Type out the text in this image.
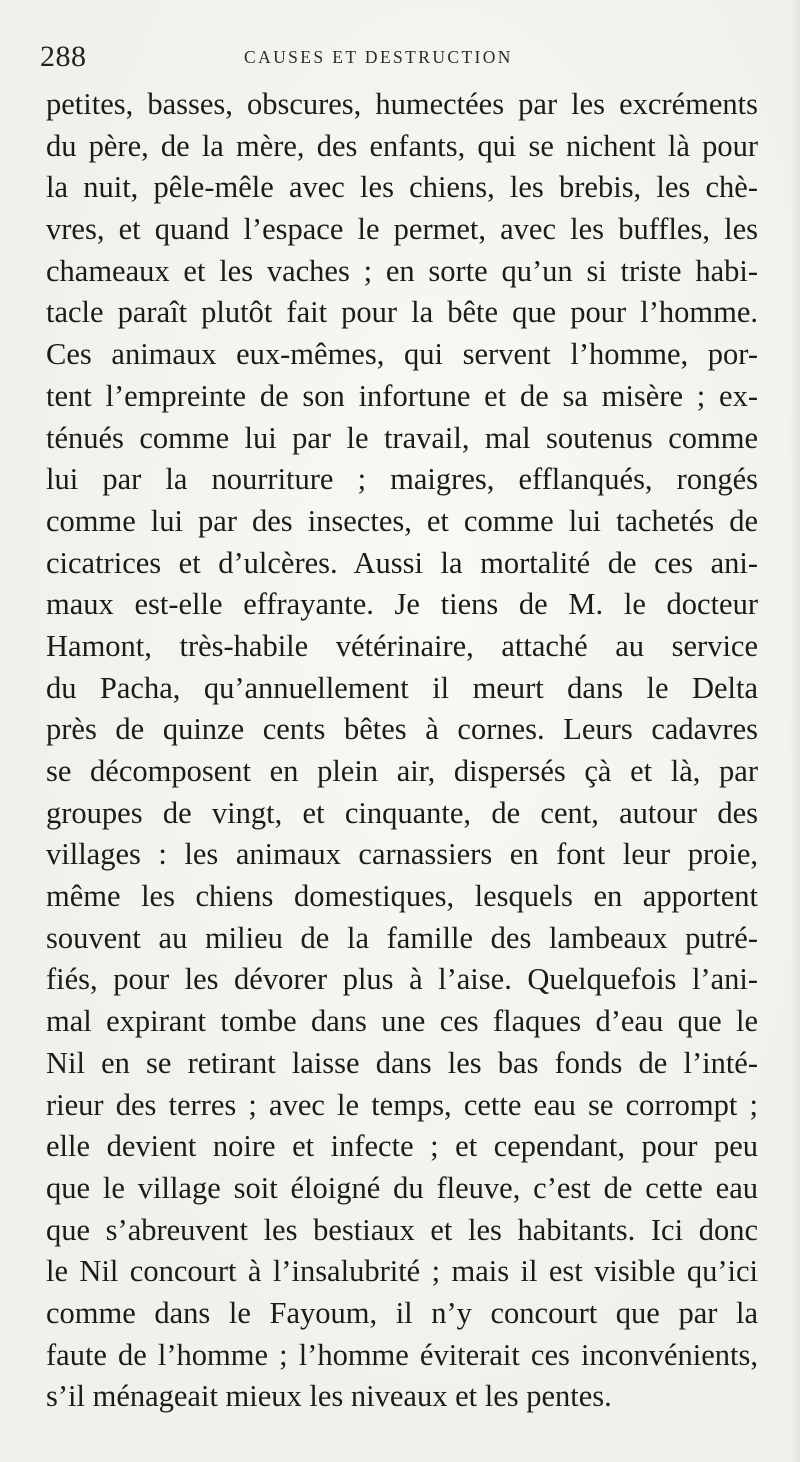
288	CAUSES ET DESTRUCTION
petites, basses, obscures, humectées par les excréments
du père, de la mère, des enfants, qui se nichent là pour
la nuit, pêle-mêle avec les chiens, les brebis, les chè-
vres, et quand l’espace le permet, avec les buffles, les
chameaux et les vaches ; en sorte qu’un si triste habi-
tacle paraît plutôt fait pour la bête que pour l’homme.
Ces animaux eux-mêmes, qui servent l’homme, por-
tent l’empreinte de son infortune et de sa misère ; ex-
ténués comme lui par le travail, mal soutenus comme
lui par la nourriture ; maigres, efflanqués, rongés
comme lui par des insectes, et comme lui tachetés de
cicatrices et d’ulcères. Aussi la mortalité de ces ani-
maux est-elle effrayante. Je tiens de M. le docteur
Hamont, très-habile vétérinaire, attaché au service
du Pacha, qu’annuellement il meurt dans le Delta
près de quinze cents bêtes à cornes. Leurs cadavres
se décomposent en plein air, dispersés çà et là, par
groupes de vingt, et cinquante, de cent, autour des
villages : les animaux carnassiers en font leur proie,
même les chiens domestiques, lesquels en apportent
souvent au milieu de la famille des lambeaux putré-
fiés, pour les dévorer plus à l’aise. Quelquefois l’ani-
mal expirant tombe dans une ces flaques d’eau que le
Nil en se retirant laisse dans les bas fonds de l’inté-
rieur des terres ; avec le temps, cette eau se corrompt ;
elle devient noire et infecte ; et cependant, pour peu
que le village soit éloigné du fleuve, c’est de cette eau
que s’abreuvent les bestiaux et les habitants. Ici donc
le Nil concourt à l’insalubrité ; mais il est visible qu’ici
comme dans le Fayoum, il n’y concourt que par la
faute de l’homme ; l’homme éviterait ces inconvénients,
s’il ménageait mieux les niveaux et les pentes.
